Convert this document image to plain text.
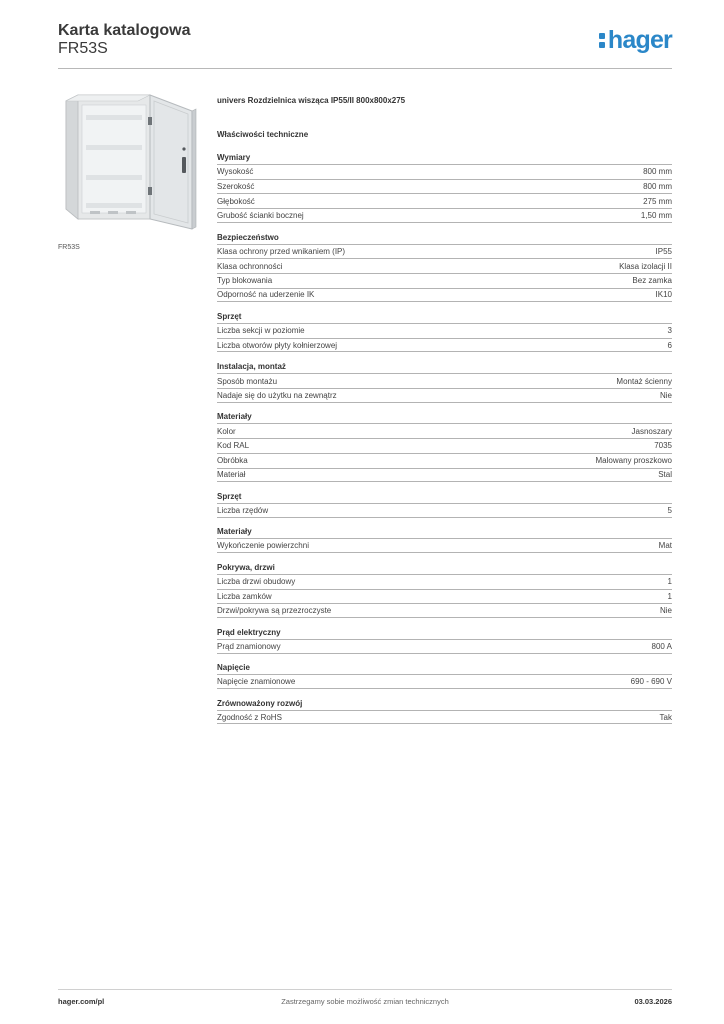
Karta katalogowa
FR53S	hager
FR53S
univers Rozdzielnica wisząca IP55/II 800x800x275
Właściwości techniczne
Wymiary
Wysokość	800 mm
Szerokość	800 mm
Głębokość	275 mm
Grubość ścianki bocznej	1,50 mm
Bezpieczeństwo
Klasa ochrony przed wnikaniem (IP)	IP55
Klasa ochronności	Klasa izolacji II
Typ blokowania	Bez zamka
Odporność na uderzenie IK	IK10
Sprzęt
Liczba sekcji w poziomie	3
Liczba otworów płyty kołnierzowej	6
Instalacja, montaż
Sposób montażu	Montaż ścienny
Nadaje się do użytku na zewnątrz	Nie
Materiały
Kolor	Jasnoszary
Kod RAL	7035
Obróbka	Malowany proszkowo
Materiał	Stal
Sprzęt
Liczba rzędów	5
Materiały
Wykończenie powierzchni	Mat
Pokrywa, drzwi
Liczba drzwi obudowy	1
Liczba zamków	1
Drzwi/pokrywa są przezroczyste	Nie
Prąd elektryczny
Prąd znamionowy	800 A
Napięcie
Napięcie znamionowe	690 - 690 V
Zrównoważony rozwój
Zgodność z RoHS	Tak
hager.com/pl	Zastrzegamy sobie możliwość zmian technicznych	03.03.2026
